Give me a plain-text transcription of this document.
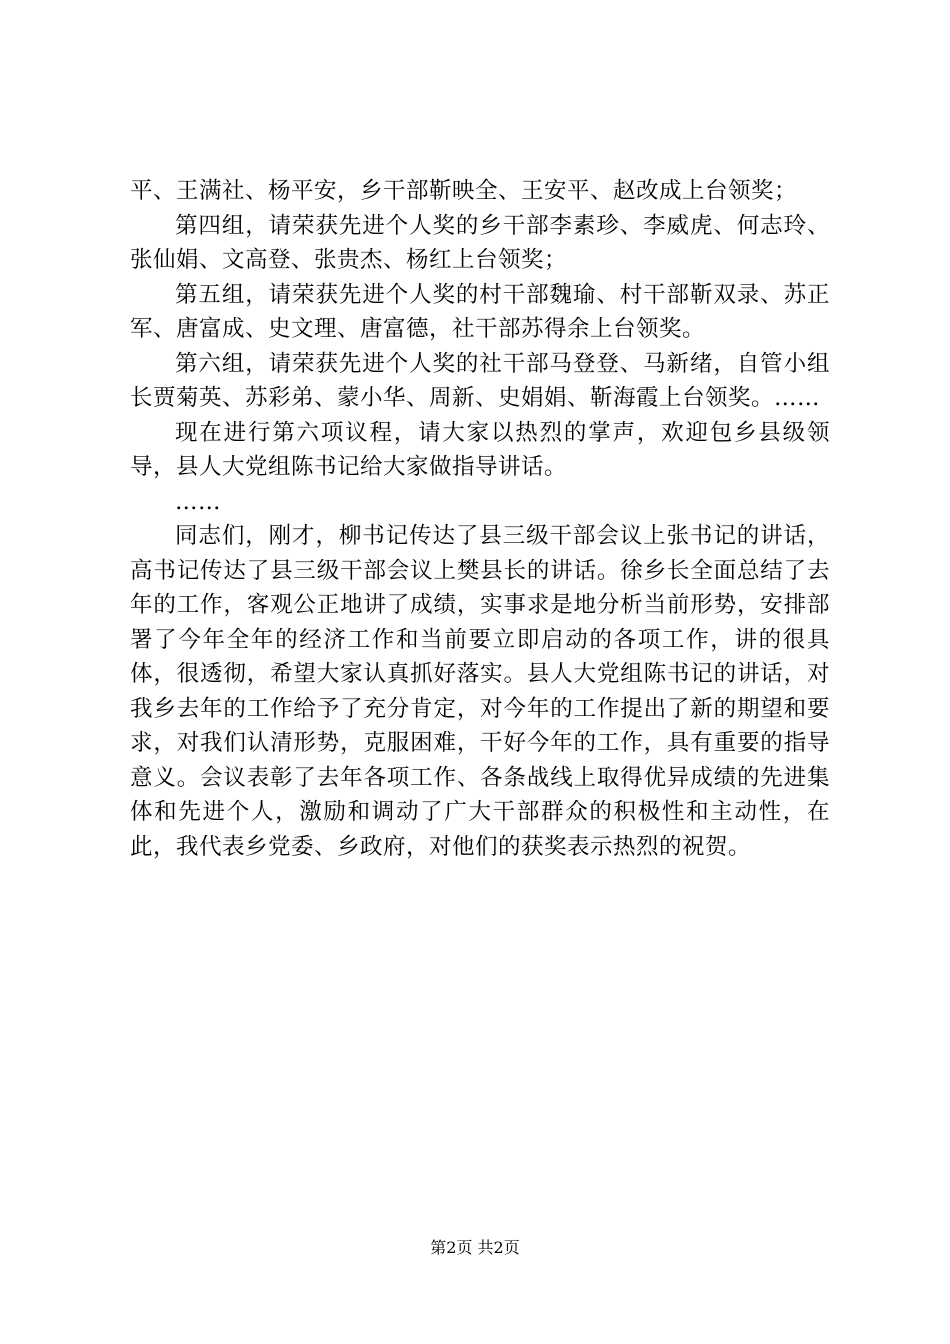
平、王满社、杨平安，乡干部靳映全、王安平、赵改成上台领奖；

第四组，请荣获先进个人奖的乡干部李素珍、李威虎、何志玲、张仙娟、文高登、张贵杰、杨红上台领奖；

第五组，请荣获先进个人奖的村干部魏瑜、村干部靳双录、苏正军、唐富成、史文理、唐富德，社干部苏得余上台领奖。

第六组，请荣获先进个人奖的社干部马登登、马新绪，自管小组长贾菊英、苏彩弟、蒙小华、周新、史娟娟、靳海霞上台领奖。……

现在进行第六项议程，请大家以热烈的掌声，欢迎包乡县级领导，县人大党组陈书记给大家做指导讲话。

……

同志们，刚才，柳书记传达了县三级干部会议上张书记的讲话，高书记传达了县三级干部会议上樊县长的讲话。徐乡长全面总结了去年的工作，客观公正地讲了成绩，实事求是地分析当前形势，安排部署了今年全年的经济工作和当前要立即启动的各项工作，讲的很具体，很透彻，希望大家认真抓好落实。县人大党组陈书记的讲话，对我乡去年的工作给予了充分肯定，对今年的工作提出了新的期望和要求，对我们认清形势，克服困难，干好今年的工作，具有重要的指导意义。会议表彰了去年各项工作、各条战线上取得优异成绩的先进集体和先进个人，激励和调动了广大干部群众的积极性和主动性，在此，我代表乡党委、乡政府，对他们的获奖表示热烈的祝贺。

第2页 共2页
